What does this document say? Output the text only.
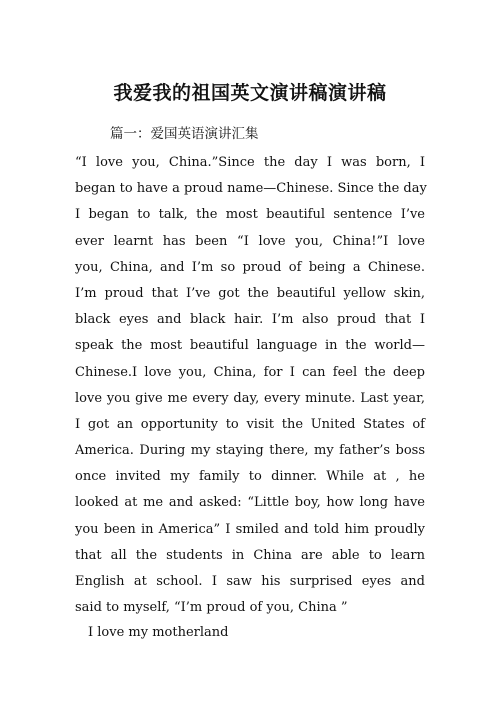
我爱我的祖国英文演讲稿演讲稿

篇一：爱国英语演讲汇集

“I love you, China.”Since the day I was born, I
began to have a proud name—Chinese. Since the day
I began to talk, the most beautiful sentence I’ve
ever learnt has been “I love you, China!”I love
you, China, and I’m so proud of being a Chinese.
I’m proud that I’ve got the beautiful yellow skin,
black eyes and black hair. I’m also proud that I
speak the most beautiful language in the world—
Chinese.I love you, China, for I can feel the deep
love you give me every day, every minute. Last year,
I got an opportunity to visit the United States of
America. During my staying there, my father’s boss
once invited my family to dinner. While at , he
looked at me and asked: “Little boy, how long have
you been in America” I smiled and told him proudly
that all the students in China are able to learn
English at school. I saw his surprised eyes and
said to myself, “I’m proud of you, China ”

I love my motherland
